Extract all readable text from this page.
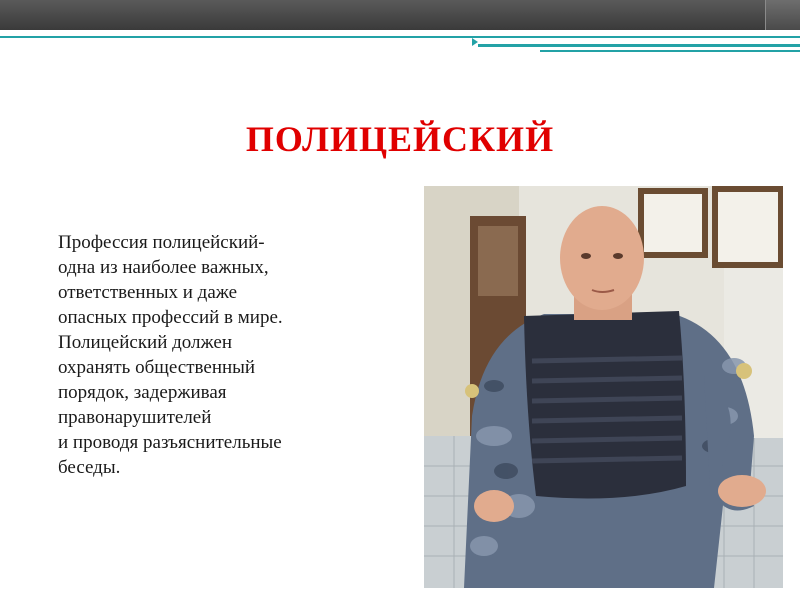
ПОЛИЦЕЙСКИЙ
Профессия полицейский-
одна из наиболее важных,
ответственных и даже
опасных профессий в мире.
Полицейский должен
охранять общественный
порядок, задерживая
правонарушителей
и проводя разъяснительные
беседы.
